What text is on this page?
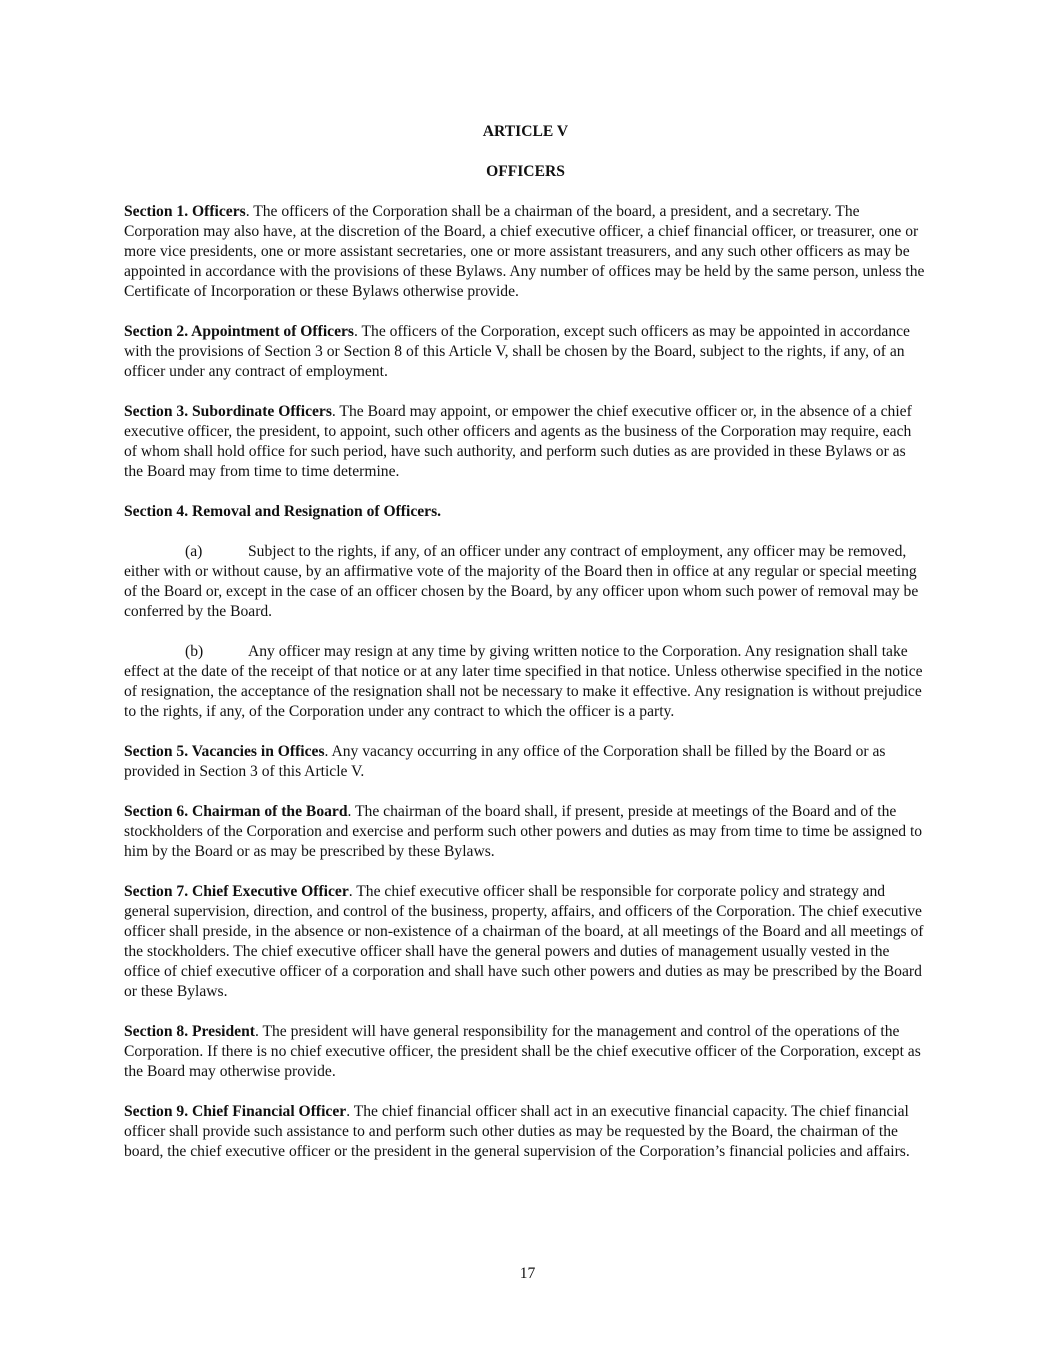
ARTICLE V
OFFICERS

Section 1. Officers. The officers of the Corporation shall be a chairman of the board, a president, and a secretary. The Corporation may also have, at the discretion of the Board, a chief executive officer, a chief financial officer, or treasurer, one or more vice presidents, one or more assistant secretaries, one or more assistant treasurers, and any such other officers as may be appointed in accordance with the provisions of these Bylaws. Any number of offices may be held by the same person, unless the Certificate of Incorporation or these Bylaws otherwise provide.

Section 2. Appointment of Officers. The officers of the Corporation, except such officers as may be appointed in accordance with the provisions of Section 3 or Section 8 of this Article V, shall be chosen by the Board, subject to the rights, if any, of an officer under any contract of employment.

Section 3. Subordinate Officers. The Board may appoint, or empower the chief executive officer or, in the absence of a chief executive officer, the president, to appoint, such other officers and agents as the business of the Corporation may require, each of whom shall hold office for such period, have such authority, and perform such duties as are provided in these Bylaws or as the Board may from time to time determine.

Section 4. Removal and Resignation of Officers.

(a)	Subject to the rights, if any, of an officer under any contract of employment, any officer may be removed, either with or without cause, by an affirmative vote of the majority of the Board then in office at any regular or special meeting of the Board or, except in the case of an officer chosen by the Board, by any officer upon whom such power of removal may be conferred by the Board.

(b)	Any officer may resign at any time by giving written notice to the Corporation. Any resignation shall take effect at the date of the receipt of that notice or at any later time specified in that notice. Unless otherwise specified in the notice of resignation, the acceptance of the resignation shall not be necessary to make it effective. Any resignation is without prejudice to the rights, if any, of the Corporation under any contract to which the officer is a party.

Section 5. Vacancies in Offices. Any vacancy occurring in any office of the Corporation shall be filled by the Board or as provided in Section 3 of this Article V.

Section 6. Chairman of the Board. The chairman of the board shall, if present, preside at meetings of the Board and of the stockholders of the Corporation and exercise and perform such other powers and duties as may from time to time be assigned to him by the Board or as may be prescribed by these Bylaws.

Section 7. Chief Executive Officer. The chief executive officer shall be responsible for corporate policy and strategy and general supervision, direction, and control of the business, property, affairs, and officers of the Corporation. The chief executive officer shall preside, in the absence or non-existence of a chairman of the board, at all meetings of the Board and all meetings of the stockholders. The chief executive officer shall have the general powers and duties of management usually vested in the office of chief executive officer of a corporation and shall have such other powers and duties as may be prescribed by the Board or these Bylaws.

Section 8. President. The president will have general responsibility for the management and control of the operations of the Corporation. If there is no chief executive officer, the president shall be the chief executive officer of the Corporation, except as the Board may otherwise provide.

Section 9. Chief Financial Officer. The chief financial officer shall act in an executive financial capacity. The chief financial officer shall provide such assistance to and perform such other duties as may be requested by the Board, the chairman of the board, the chief executive officer or the president in the general supervision of the Corporation’s financial policies and affairs.

17
